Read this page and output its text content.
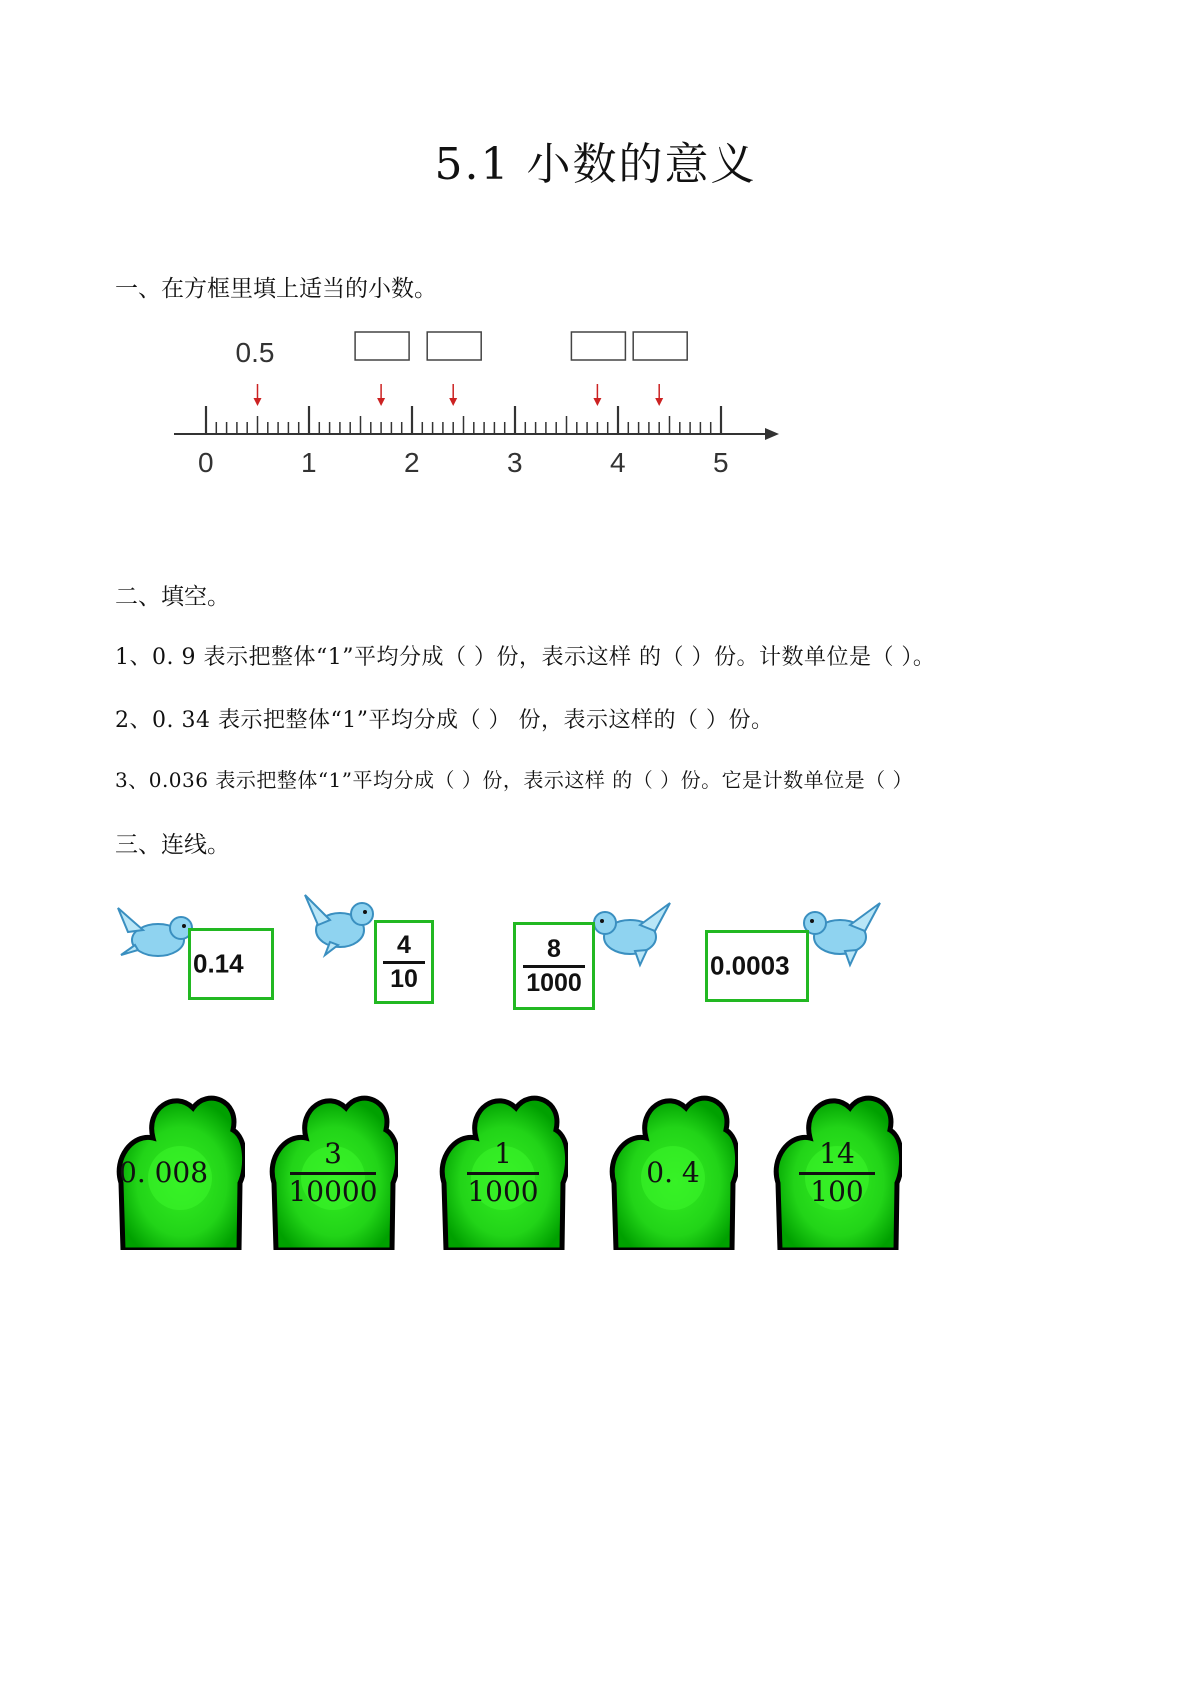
5.1 小数的意义
一、在方框里填上适当的小数。
0.5
0	1	2	3	4	5
二、填空。
1、0. 9 表示把整体“1”平均分成（ ）份，表示这样 的（ ）份。计数单位是（ ）。
2、0. 34 表示把整体“1”平均分成（ ） 份，表示这样的（ ）份。
3、0.036 表示把整体“1”平均分成（ ）份，表示这样 的（ ）份。它是计数单位是（ ）
三、连线。
0.14
4
10
8
1000
0.0003
0. 008
3
10000
1
1000
0. 4
14
100
